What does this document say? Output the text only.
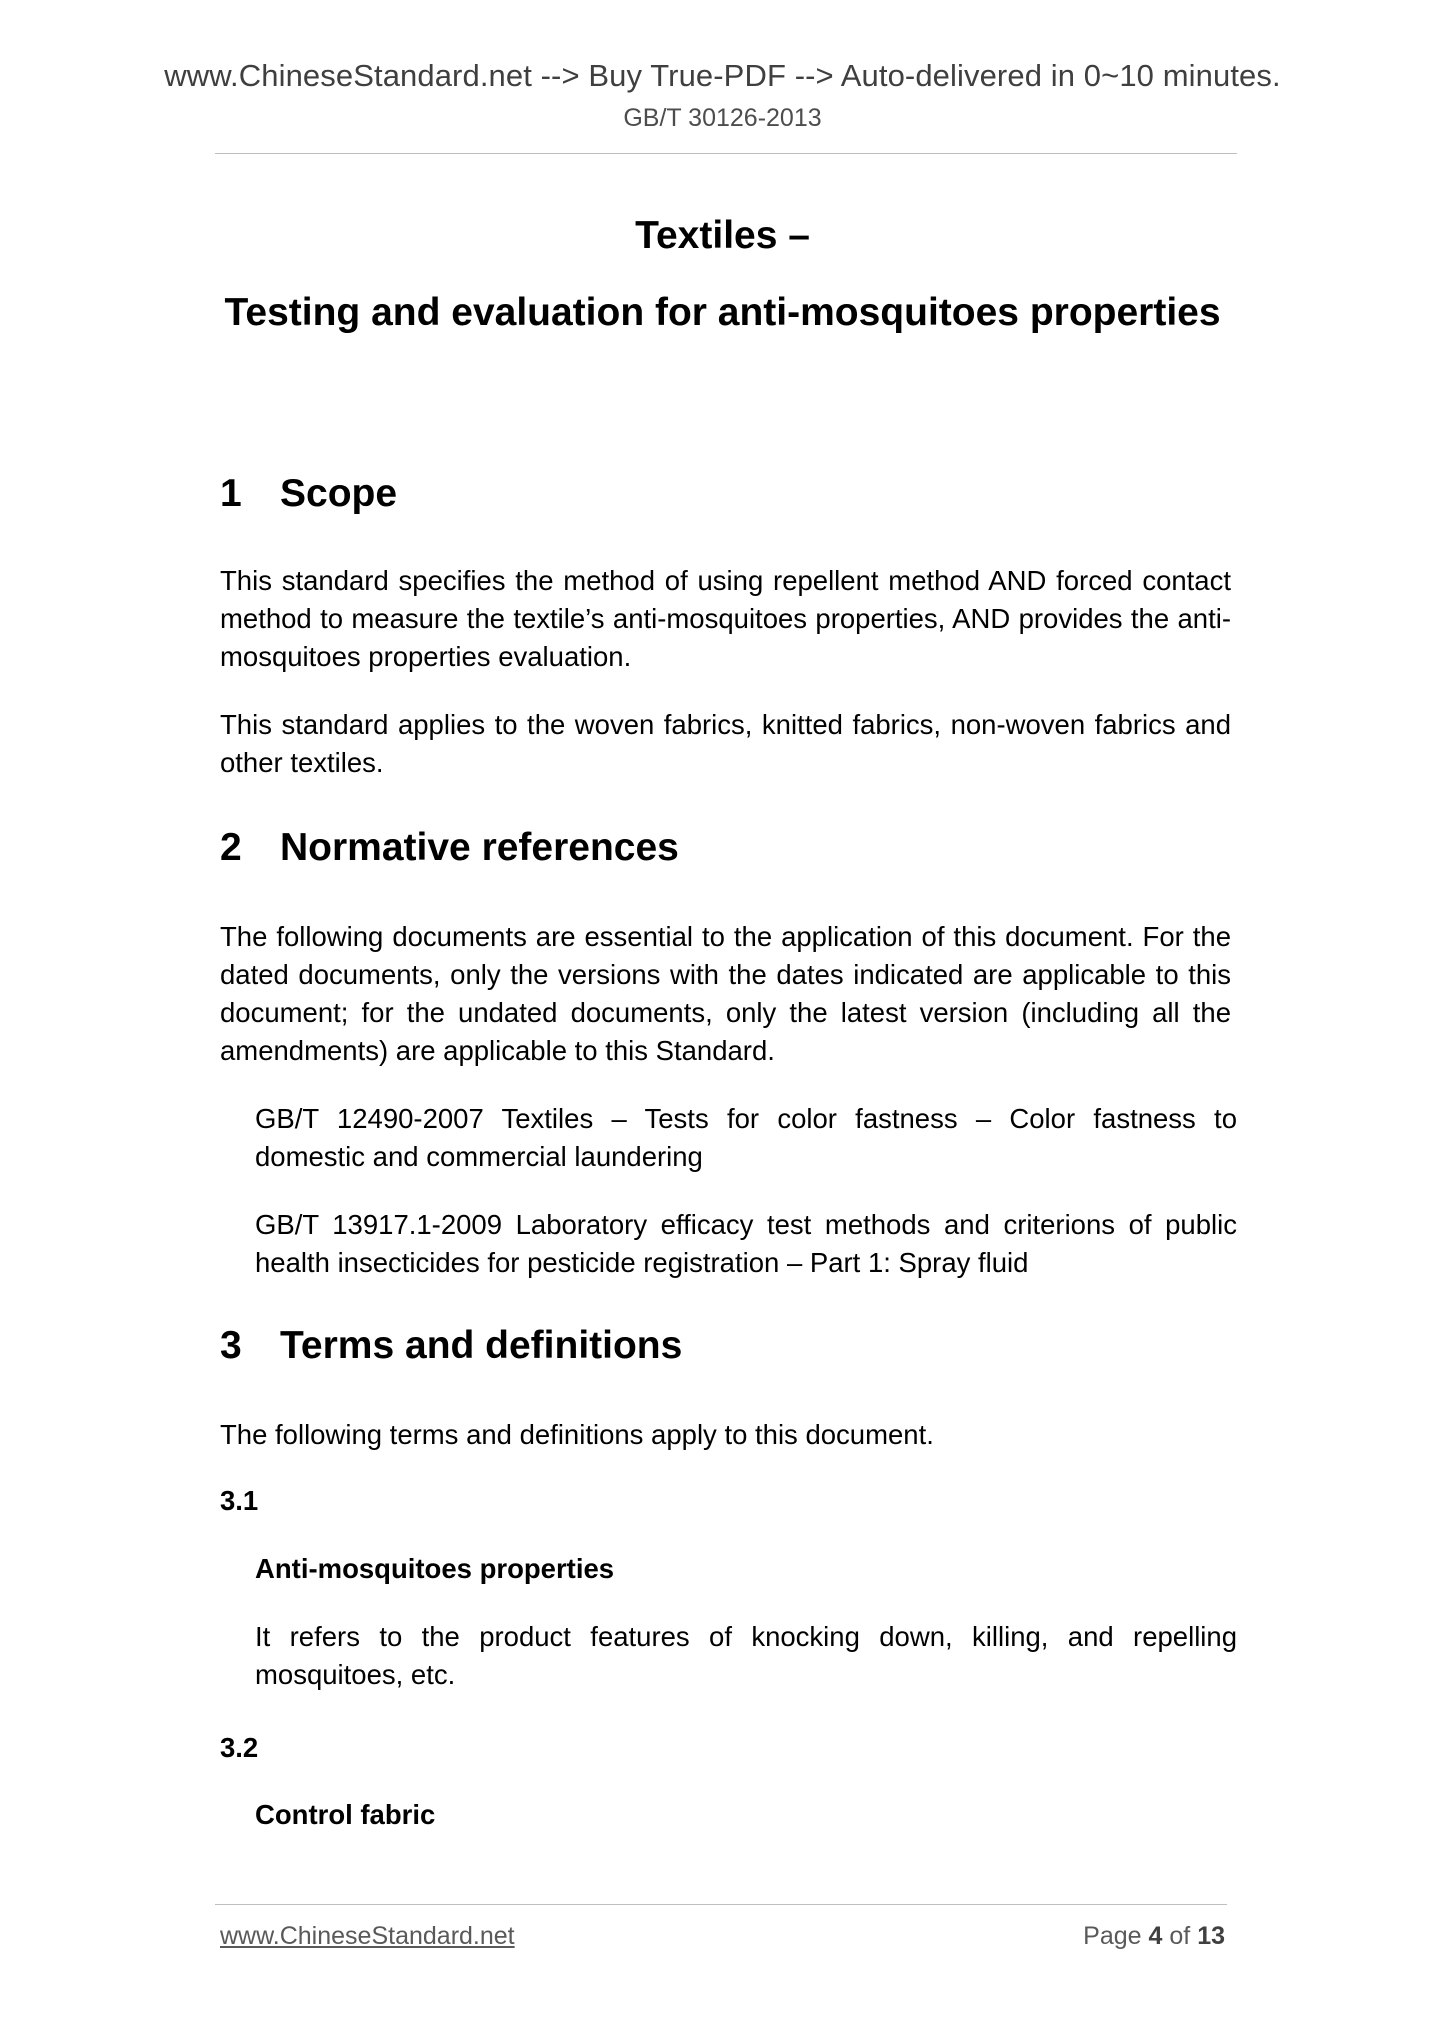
www.ChineseStandard.net --> Buy True-PDF --> Auto-delivered in 0~10 minutes.
GB/T 30126-2013
Textiles –
Testing and evaluation for anti-mosquitoes properties
1 Scope
This standard specifies the method of using repellent method AND forced contact method to measure the textile’s anti-mosquitoes properties, AND provides the anti-mosquitoes properties evaluation.
This standard applies to the woven fabrics, knitted fabrics, non-woven fabrics and other textiles.
2 Normative references
The following documents are essential to the application of this document. For the dated documents, only the versions with the dates indicated are applicable to this document; for the undated documents, only the latest version (including all the amendments) are applicable to this Standard.
GB/T 12490-2007 Textiles – Tests for color fastness – Color fastness to domestic and commercial laundering
GB/T 13917.1-2009 Laboratory efficacy test methods and criterions of public health insecticides for pesticide registration – Part 1: Spray fluid
3 Terms and definitions
The following terms and definitions apply to this document.
3.1
Anti-mosquitoes properties
It refers to the product features of knocking down, killing, and repelling mosquitoes, etc.
3.2
Control fabric
www.ChineseStandard.net	Page 4 of 13
